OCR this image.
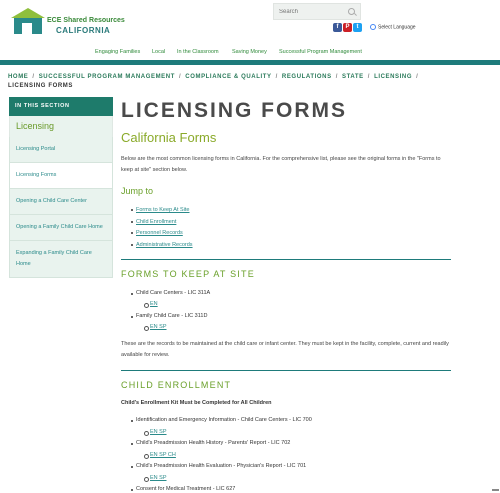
ECE Shared Resources
CALIFORNIA
Search	f	P	t	Select Language
Engaging Families Local In the Classroom Saving Money Successful Program Management
HOME / SUCCESSFUL PROGRAM MANAGEMENT / COMPLIANCE & QUALITY / REGULATIONS / STATE / LICENSING /
LICENSING FORMS
IN THIS SECTION
Licensing
Licensing Portal
Licensing Forms
Opening a Child Care Center
Opening a Family Child Care Home
Expanding a Family Child Care Home
LICENSING FORMS
California Forms
Below are the most common licensing forms in California. For the comprehensive list, please see the original forms in the "Forms to keep at site" section below.
Jump to
Forms to Keep At Site
Child Enrollment
Personnel Records
Administrative Records
FORMS TO KEEP AT SITE
Child Care Centers - LIC 311A
EN
Family Child Care - LIC 311D
EN SP
These are the records to be maintained at the child care or infant center. They must be kept in the facility, complete, current and readily available for review.
CHILD ENROLLMENT
Child's Enrollment Kit Must be Completed for All Children
Identification and Emergency Information - Child Care Centers - LIC 700
EN SP
Child's Preadmission Health History - Parents' Report - LIC 702
EN SP CH
Child's Preadmission Health Evaluation - Physician's Report - LIC 701
EN SP
Consent for Medical Treatment - LIC 627
